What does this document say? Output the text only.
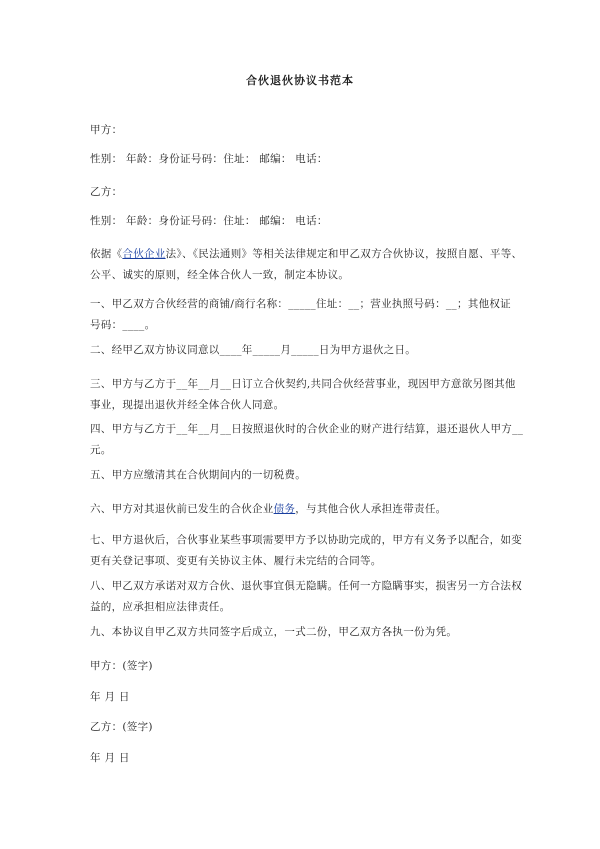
合伙退伙协议书范本
甲方：
性别： 年龄：身份证号码：住址： 邮编： 电话：
乙方：
性别： 年龄：身份证号码：住址： 邮编： 电话：
依据《合伙企业法》、《民法通则》等相关法律规定和甲乙双方合伙协议，按照自愿、平等、
公平、诚实的原则，经全体合伙人一致，制定本协议。
一、甲乙双方合伙经营的商铺/商行名称：_____住址：__；营业执照号码：__；其他权证
号码：____。
二、经甲乙双方协议同意以____年_____月_____日为甲方退伙之日。
三、甲方与乙方于__年__月__日订立合伙契约,共同合伙经营事业，现因甲方意欲另图其他
事业，现提出退伙并经全体合伙人同意。
四、甲方与乙方于__年__月__日按照退伙时的合伙企业的财产进行结算，退还退伙人甲方__
元。
五、甲方应缴清其在合伙期间内的一切税费。
六、甲方对其退伙前已发生的合伙企业债务，与其他合伙人承担连带责任。
七、甲方退伙后，合伙事业某些事项需要甲方予以协助完成的，甲方有义务予以配合，如变
更有关登记事项、变更有关协议主体、履行未完结的合同等。
八、甲乙双方承诺对双方合伙、退伙事宜俱无隐瞒。任何一方隐瞒事实，损害另一方合法权
益的，应承担相应法律责任。
九、本协议自甲乙双方共同签字后成立，一式二份，甲乙双方各执一份为凭。
甲方：(签字)
年 月 日
乙方：(签字)
年 月 日
